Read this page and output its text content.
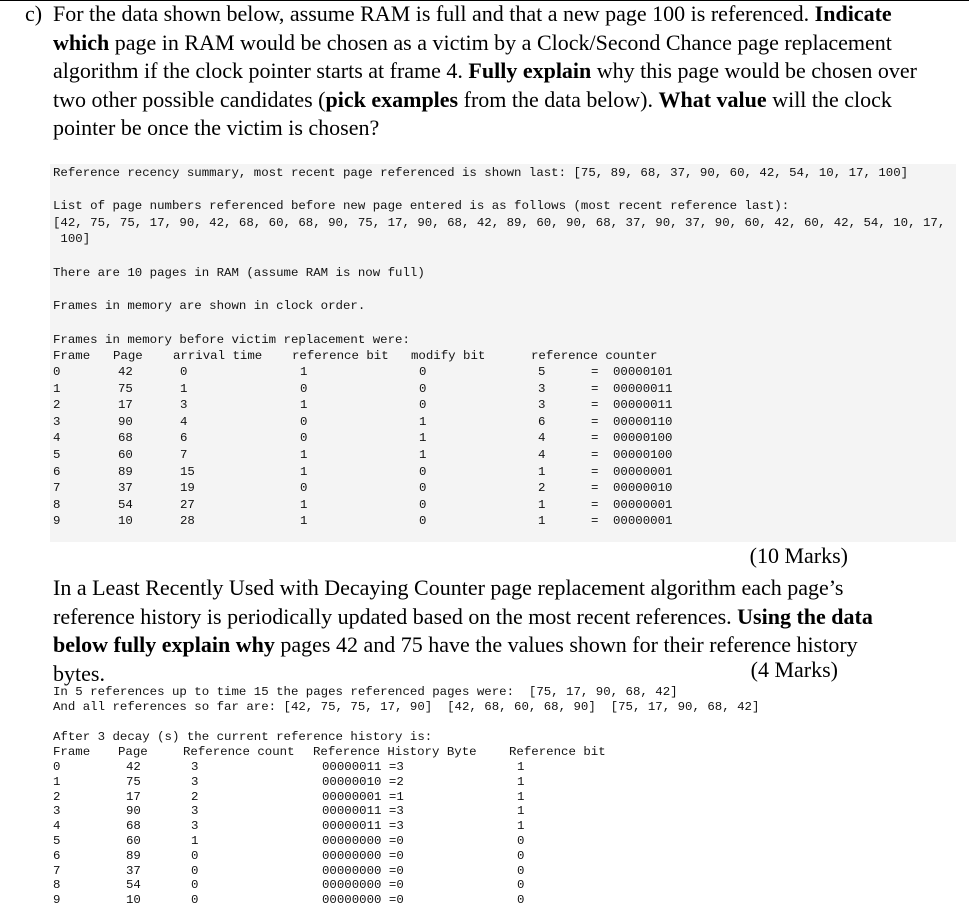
c) For the data shown below, assume RAM is full and that a new page 100 is referenced. Indicate which page in RAM would be chosen as a victim by a Clock/Second Chance page replacement algorithm if the clock pointer starts at frame 4. Fully explain why this page would be chosen over two other possible candidates (pick examples from the data below). What value will the clock pointer be once the victim is chosen?
Reference recency summary, most recent page referenced is shown last: [75, 89, 68, 37, 90, 60, 42, 54, 10, 17, 100]
List of page numbers referenced before new page entered is as follows (most recent reference last):
[42, 75, 75, 17, 90, 42, 68, 60, 68, 90, 75, 17, 90, 68, 42, 89, 60, 90, 68, 37, 90, 37, 90, 60, 42, 60, 42, 54, 10, 17,
100]
There are 10 pages in RAM (assume RAM is now full)
Frames in memory are shown in clock order.
Frames in memory before victim replacement were:
Frame Page arrival time reference bit modify bit	reference counter
0	42	0	1	0	5	= 00000101
1	75	1	0	0	3	= 00000011
2	17	3	1	0	3	= 00000011
3	90	4	0	1	6	= 00000110
4	68	6	0	1	4	= 00000100
5	60	7	1	1	4	= 00000100
6	89	15	1	0	1	= 00000001
7	37	19	0	0	2	= 00000010
8	54	27	1	0	1	= 00000001
9	10	28	1	0	1	= 00000001
(10 Marks)
In a Least Recently Used with Decaying Counter page replacement algorithm each page’s reference history is periodically updated based on the most recent references. Using the data below fully explain why pages 42 and 75 have the values shown for their reference history bytes.	(4 Marks)
In 5 references up to time 15 the pages referenced pages were:  [75, 17, 90, 68, 42]
And all references so far are: [42, 75, 75, 17, 90]  [42, 68, 60, 68, 90]  [75, 17, 90, 68, 42]
After 3 decay (s) the current reference history is:
Frame Page	Reference count Reference History Byte	Reference bit
0	42	3	00000011 =3	1
1	75	3	00000010 =2	1
2	17	2	00000001 =1	1
3	90	3	00000011 =3	1
4	68	3	00000011 =3	1
5	60	1	00000000 =0	0
6	89	0	00000000 =0	0
7	37	0	00000000 =0	0
8	54	0	00000000 =0	0
9	10	0	00000000 =0	0
